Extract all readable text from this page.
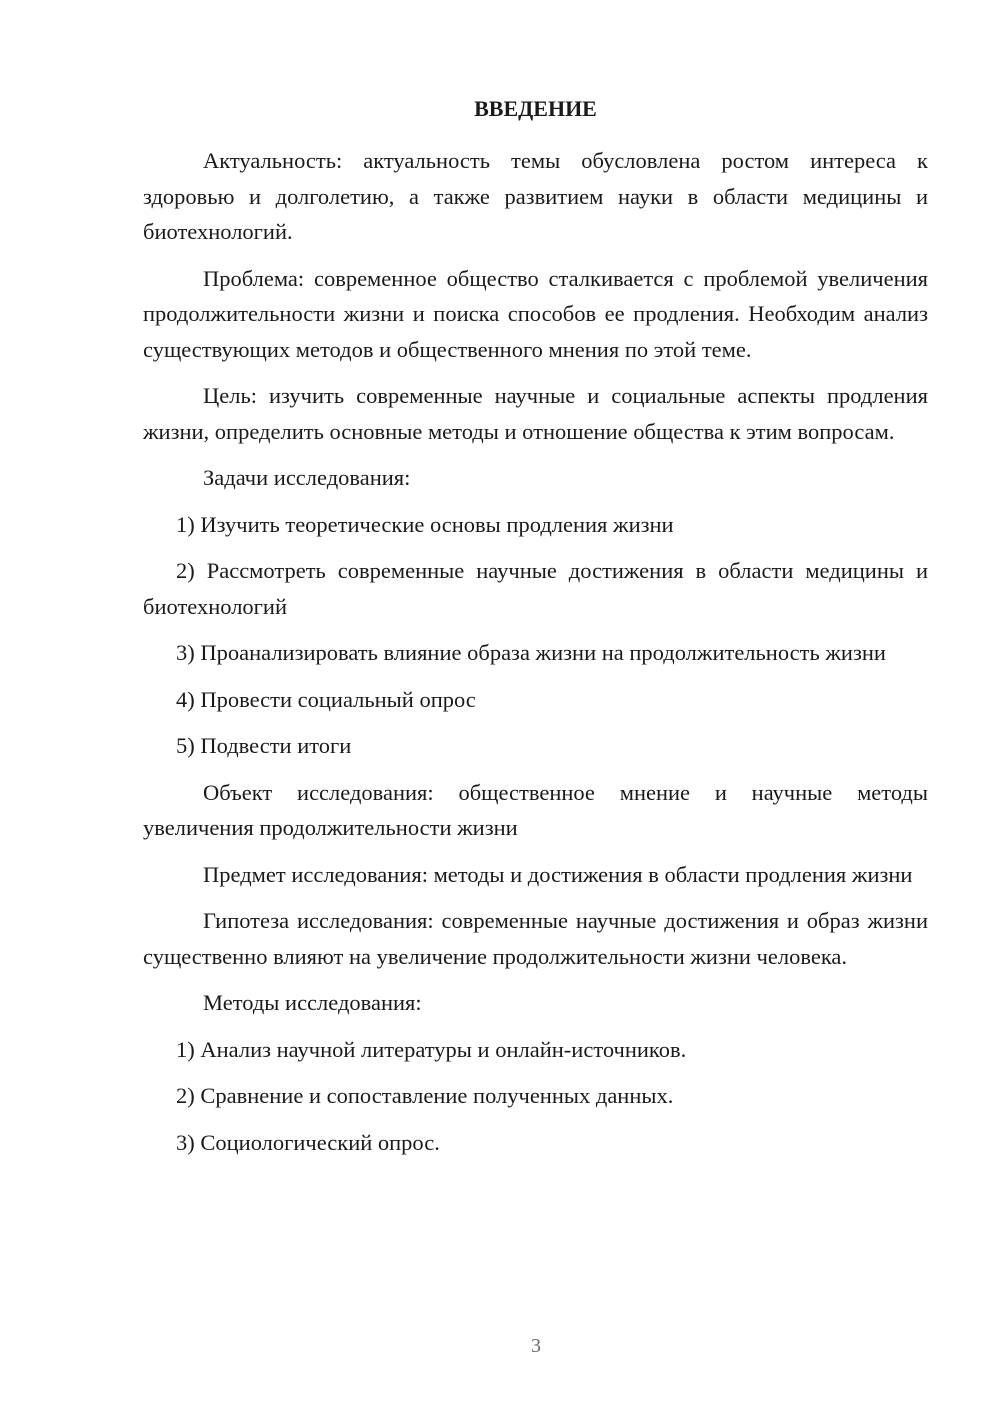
ВВЕДЕНИЕ

Актуальность: актуальность темы обусловлена ростом интереса к здоровью и долголетию, а также развитием науки в области медицины и биотехнологий.

Проблема: современное общество сталкивается с проблемой увеличения продолжительности жизни и поиска способов ее продления. Необходим анализ существующих методов и общественного мнения по этой теме.

Цель: изучить современные научные и социальные аспекты продления жизни, определить основные методы и отношение общества к этим вопросам.

Задачи исследования:

1) Изучить теоретические основы продления жизни

2) Рассмотреть современные научные достижения в области медицины и биотехнологий

3) Проанализировать влияние образа жизни на продолжительность жизни

4) Провести социальный опрос

5) Подвести итоги

Объект исследования: общественное мнение и научные методы увеличения продолжительности жизни

Предмет исследования: методы и достижения в области продления жизни

Гипотеза исследования: современные научные достижения и образ жизни существенно влияют на увеличение продолжительности жизни человека.

Методы исследования:

1) Анализ научной литературы и онлайн-источников.

2) Сравнение и сопоставление полученных данных.

3) Социологический опрос.

3
